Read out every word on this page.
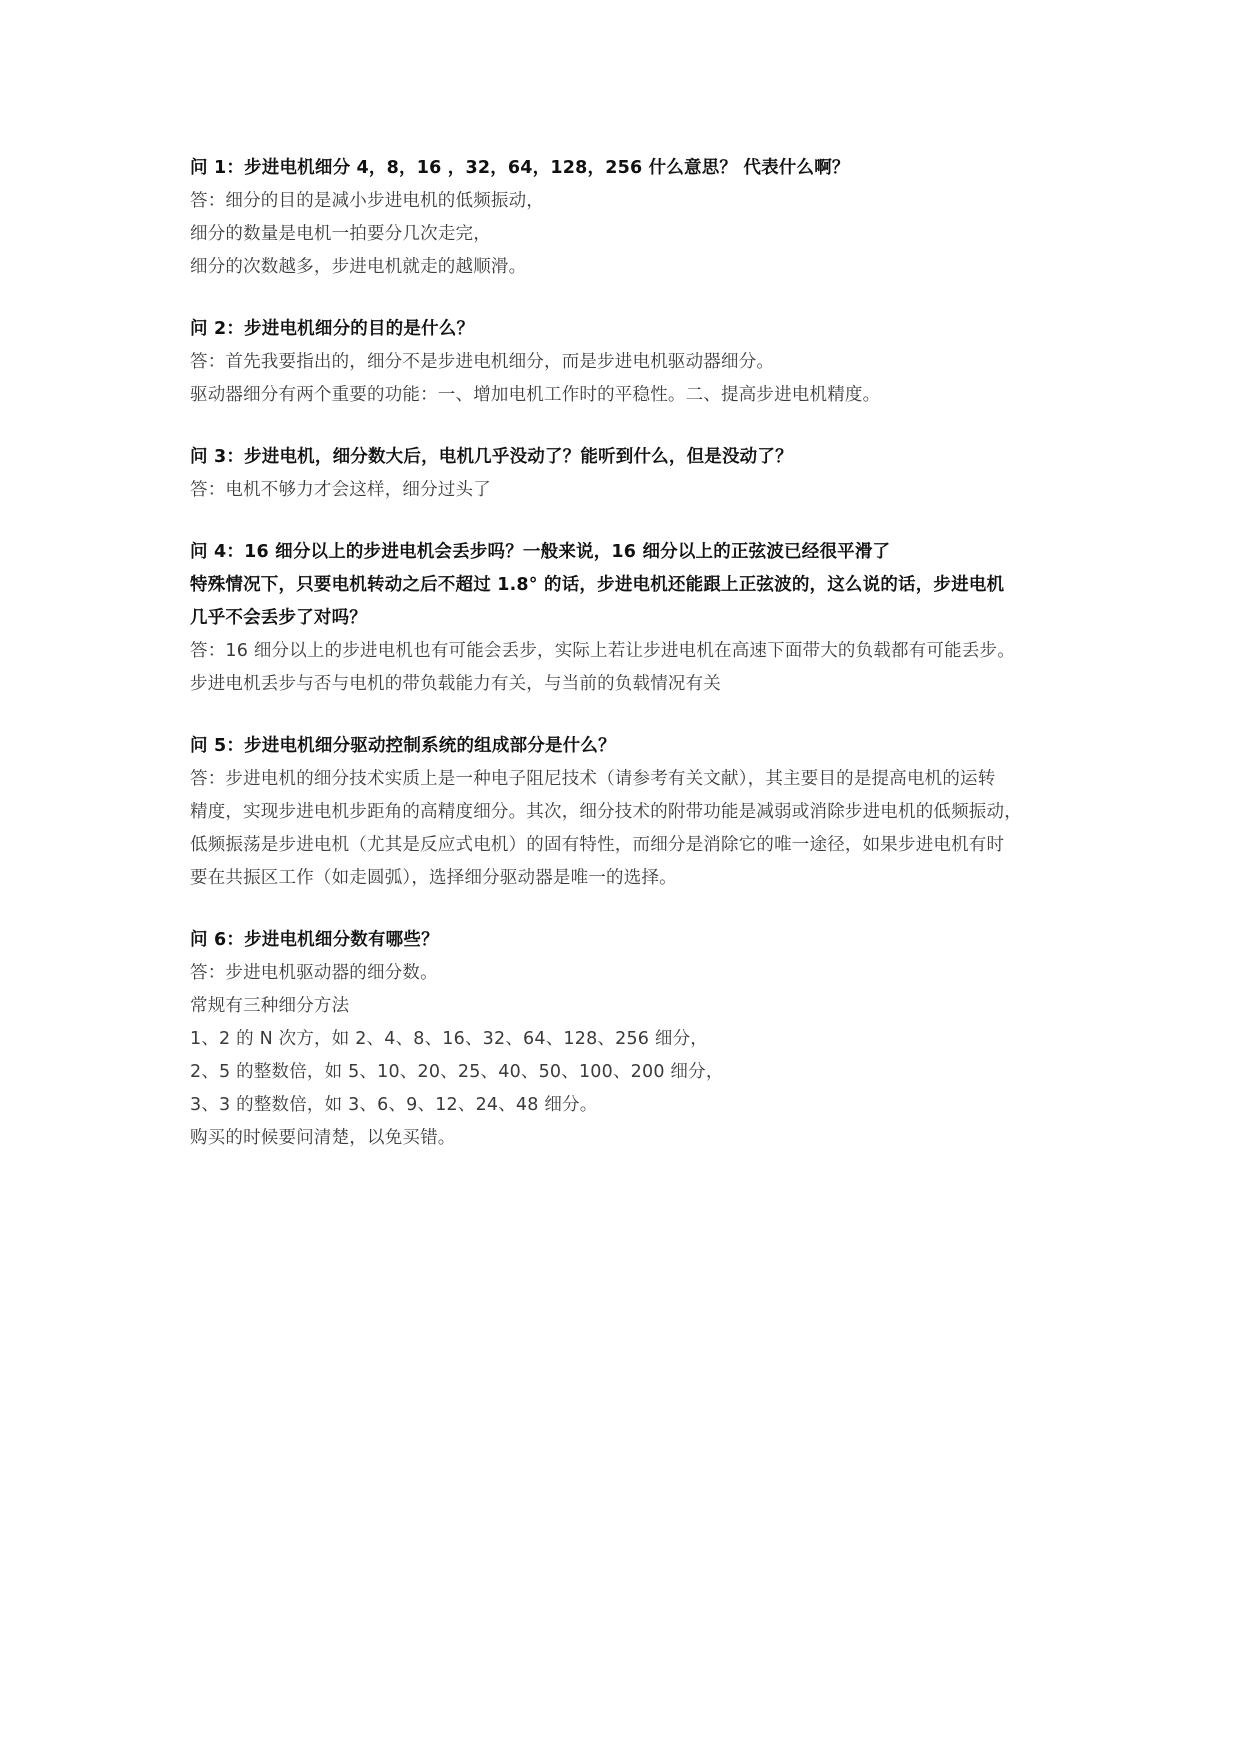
问 1：步进电机细分 4，8，16 ，32，64，128，256 什么意思？ 代表什么啊？
答：细分的目的是减小步进电机的低频振动，
细分的数量是电机一拍要分几次走完，
细分的次数越多，步进电机就走的越顺滑。
问 2：步进电机细分的目的是什么？
答：首先我要指出的，细分不是步进电机细分，而是步进电机驱动器细分。
驱动器细分有两个重要的功能：一、增加电机工作时的平稳性。二、提高步进电机精度。
问 3：步进电机，细分数大后，电机几乎没动了？能听到什么，但是没动了？
答：电机不够力才会这样，细分过头了
问 4：16 细分以上的步进电机会丢步吗？一般来说，16 细分以上的正弦波已经很平滑了
特殊情况下，只要电机转动之后不超过 1.8° 的话，步进电机还能跟上正弦波的，这么说的话，步进电机
几乎不会丢步了对吗？
答：16 细分以上的步进电机也有可能会丢步，实际上若让步进电机在高速下面带大的负载都有可能丢步。
步进电机丢步与否与电机的带负载能力有关，与当前的负载情况有关
问 5：步进电机细分驱动控制系统的组成部分是什么？
答：步进电机的细分技术实质上是一种电子阻尼技术（请参考有关文献），其主要目的是提高电机的运转
精度，实现步进电机步距角的高精度细分。其次，细分技术的附带功能是减弱或消除步进电机的低频振动，
低频振荡是步进电机（尤其是反应式电机）的固有特性，而细分是消除它的唯一途径，如果步进电机有时
要在共振区工作（如走圆弧），选择细分驱动器是唯一的选择。
问 6：步进电机细分数有哪些？
答：步进电机驱动器的细分数。
常规有三种细分方法
1、2 的 N 次方，如 2、4、8、16、32、64、128、256 细分，
2、5 的整数倍，如 5、10、20、25、40、50、100、200 细分，
3、3 的整数倍，如 3、6、9、12、24、48 细分。
购买的时候要问清楚，以免买错。
